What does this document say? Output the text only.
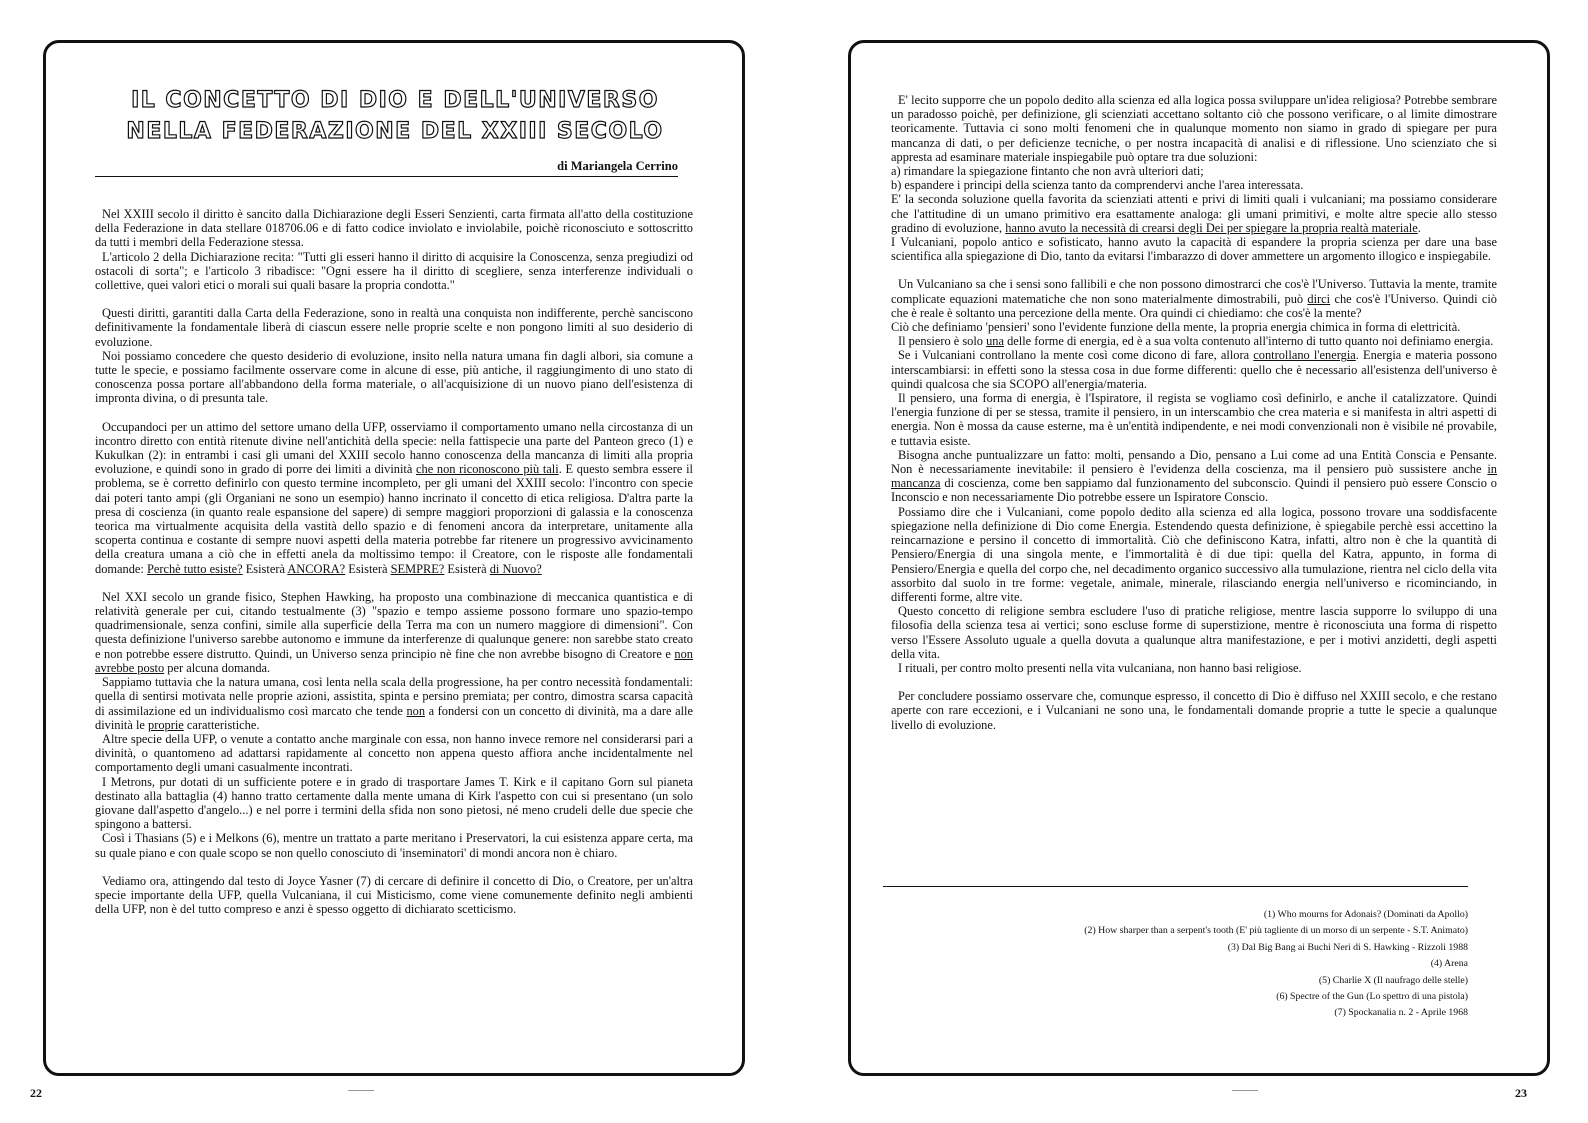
IL CONCETTO DI DIO E DELL'UNIVERSO
NELLA FEDERAZIONE DEL XXIII SECOLO
di Mariangela Cerrino

Nel XXIII secolo il diritto è sancito dalla Dichiarazione degli Esseri Senzienti, carta firmata all'atto della costituzione della Federazione in data stellare 018706.06 e di fatto codice inviolato e inviolabile, poichè riconosciuto e sottoscritto da tutti i membri della Federazione stessa.

L'articolo 2 della Dichiarazione recita: "Tutti gli esseri hanno il diritto di acquisire la Conoscenza, senza pregiudizi od ostacoli di sorta"; e l'articolo 3 ribadisce: "Ogni essere ha il diritto di scegliere, senza interferenze individuali o collettive, quei valori etici o morali sui quali basare la propria condotta."

Questi diritti, garantiti dalla Carta della Federazione, sono in realtà una conquista non indifferente, perchè sanciscono definitivamente la fondamentale liberà di ciascun essere nelle proprie scelte e non pongono limiti al suo desiderio di evoluzione.

Noi possiamo concedere che questo desiderio di evoluzione, insito nella natura umana fin dagli albori, sia comune a tutte le specie, e possiamo facilmente osservare come in alcune di esse, più antiche, il raggiungimento di uno stato di conoscenza possa portare all'abbandono della forma materiale, o all'acquisizione di un nuovo piano dell'esistenza di impronta divina, o di presunta tale.

Occupandoci per un attimo del settore umano della UFP, osserviamo il comportamento umano nella circostanza di un incontro diretto con entità ritenute divine nell'antichità della specie: nella fattispecie una parte del Panteon greco (1) e Kukulkan (2): in entrambi i casi gli umani del XXIII secolo hanno conoscenza della mancanza di limiti alla propria evoluzione, e quindi sono in grado di porre dei limiti a divinità che non riconoscono più tali. E questo sembra essere il problema, se è corretto definirlo con questo termine incompleto, per gli umani del XXIII secolo: l'incontro con specie dai poteri tanto ampi (gli Organiani ne sono un esempio) hanno incrinato il concetto di etica religiosa. D'altra parte la presa di coscienza (in quanto reale espansione del sapere) di sempre maggiori proporzioni di galassia e la conoscenza teorica ma virtualmente acquisita della vastità dello spazio e di fenomeni ancora da interpretare, unitamente alla scoperta continua e costante di sempre nuovi aspetti della materia potrebbe far ritenere un progressivo avvicinamento della creatura umana a ciò che in effetti anela da moltissimo tempo: il Creatore, con le risposte alle fondamentali domande: Perchè tutto esiste? Esisterà ANCORA? Esisterà SEMPRE? Esisterà di Nuovo?

Nel XXI secolo un grande fisico, Stephen Hawking, ha proposto una combinazione di meccanica quantistica e di relatività generale per cui, citando testualmente (3) "spazio e tempo assieme possono formare uno spazio-tempo quadrimensionale, senza confini, simile alla superficie della Terra ma con un numero maggiore di dimensioni". Con questa definizione l'universo sarebbe autonomo e immune da interferenze di qualunque genere: non sarebbe stato creato e non potrebbe essere distrutto. Quindi, un Universo senza principio nè fine che non avrebbe bisogno di Creatore e non avrebbe posto per alcuna domanda.

Sappiamo tuttavia che la natura umana, così lenta nella scala della progressione, ha per contro necessità fondamentali: quella di sentirsi motivata nelle proprie azioni, assistita, spinta e persino premiata; per contro, dimostra scarsa capacità di assimilazione ed un individualismo così marcato che tende non a fondersi con un concetto di divinità, ma a dare alle divinità le proprie caratteristiche.

Altre specie della UFP, o venute a contatto anche marginale con essa, non hanno invece remore nel considerarsi pari a divinità, o quantomeno ad adattarsi rapidamente al concetto non appena questo affiora anche incidentalmente nel comportamento degli umani casualmente incontrati.

I Metrons, pur dotati di un sufficiente potere e in grado di trasportare James T. Kirk e il capitano Gorn sul pianeta destinato alla battaglia (4) hanno tratto certamente dalla mente umana di Kirk l'aspetto con cui si presentano (un solo giovane dall'aspetto d'angelo...) e nel porre i termini della sfida non sono pietosi, né meno crudeli delle due specie che spingono a battersi.

Così i Thasians (5) e i Melkons (6), mentre un trattato a parte meritano i Preservatori, la cui esistenza appare certa, ma su quale piano e con quale scopo se non quello conosciuto di 'inseminatori' di mondi ancora non è chiaro.

Vediamo ora, attingendo dal testo di Joyce Yasner (7) di cercare di definire il concetto di Dio, o Creatore, per un'altra specie importante della UFP, quella Vulcaniana, il cui Misticismo, come viene comunemente definito negli ambienti della UFP, non è del tutto compreso e anzi è spesso oggetto di dichiarato scetticismo.

E' lecito supporre che un popolo dedito alla scienza ed alla logica possa sviluppare un'idea religiosa? Potrebbe sembrare un paradosso poichè, per definizione, gli scienziati accettano soltanto ciò che possono verificare, o al limite dimostrare teoricamente. Tuttavia ci sono molti fenomeni che in qualunque momento non siamo in grado di spiegare per pura mancanza di dati, o per deficienze tecniche, o per nostra incapacità di analisi e di riflessione. Uno scienziato che si appresta ad esaminare materiale inspiegabile può optare tra due soluzioni:

a) rimandare la spiegazione fintanto che non avrà ulteriori dati;

b) espandere i principi della scienza tanto da comprendervi anche l'area interessata.

E' la seconda soluzione quella favorita da scienziati attenti e privi di limiti quali i vulcaniani; ma possiamo considerare che l'attitudine di un umano primitivo era esattamente analoga: gli umani primitivi, e molte altre specie allo stesso gradino di evoluzione, hanno avuto la necessità di crearsi degli Dei per spiegare la propria realtà materiale.

I Vulcaniani, popolo antico e sofisticato, hanno avuto la capacità di espandere la propria scienza per dare una base scientifica alla spiegazione di Dio, tanto da evitarsi l'imbarazzo di dover ammettere un argomento illogico e inspiegabile.

Un Vulcaniano sa che i sensi sono fallibili e che non possono dimostrarci che cos'è l'Universo. Tuttavia la mente, tramite complicate equazioni matematiche che non sono materialmente dimostrabili, può dirci che cos'è l'Universo. Quindi ciò che è reale è soltanto una percezione della mente. Ora quindi ci chiediamo: che cos'è la mente?

Ciò che definiamo 'pensieri' sono l'evidente funzione della mente, la propria energia chimica in forma di elettricità.

Il pensiero è solo una delle forme di energia, ed è a sua volta contenuto all'interno di tutto quanto noi definiamo energia.

Se i Vulcaniani controllano la mente così come dicono di fare, allora controllano l'energia. Energia e materia possono interscambiarsi: in effetti sono la stessa cosa in due forme differenti: quello che è necessario all'esistenza dell'universo è quindi qualcosa che sia SCOPO all'energia/materia.

Il pensiero, una forma di energia, è l'Ispiratore, il regista se vogliamo così definirlo, e anche il catalizzatore. Quindi l'energia funzione di per se stessa, tramite il pensiero, in un interscambio che crea materia e si manifesta in altri aspetti di energia. Non è mossa da cause esterne, ma è un'entità indipendente, e nei modi convenzionali non è visibile né provabile, e tuttavia esiste.

Bisogna anche puntualizzare un fatto: molti, pensando a Dio, pensano a Lui come ad una Entità Conscia e Pensante. Non è necessariamente inevitabile: il pensiero è l'evidenza della coscienza, ma il pensiero può sussistere anche in mancanza di coscienza, come ben sappiamo dal funzionamento del subconscio. Quindi il pensiero può essere Conscio o Inconscio e non necessariamente Dio potrebbe essere un Ispiratore Conscio.

Possiamo dire che i Vulcaniani, come popolo dedito alla scienza ed alla logica, possono trovare una soddisfacente spiegazione nella definizione di Dio come Energia. Estendendo questa definizione, è spiegabile perchè essi accettino la reincarnazione e persino il concetto di immortalità. Ciò che definiscono Katra, infatti, altro non è che la quantità di Pensiero/Energia di una singola mente, e l'immortalità è di due tipi: quella del Katra, appunto, in forma di Pensiero/Energia e quella del corpo che, nel decadimento organico successivo alla tumulazione, rientra nel ciclo della vita assorbito dal suolo in tre forme: vegetale, animale, minerale, rilasciando energia nell'universo e ricominciando, in differenti forme, altre vite.

Questo concetto di religione sembra escludere l'uso di pratiche religiose, mentre lascia supporre lo sviluppo di una filosofia della scienza tesa ai vertici; sono escluse forme di superstizione, mentre è riconosciuta una forma di rispetto verso l'Essere Assoluto uguale a quella dovuta a qualunque altra manifestazione, e per i motivi anzidetti, degli aspetti della vita.

I rituali, per contro molto presenti nella vita vulcaniana, non hanno basi religiose.

Per concludere possiamo osservare che, comunque espresso, il concetto di Dio è diffuso nel XXIII secolo, e che restano aperte con rare eccezioni, e i Vulcaniani ne sono una, le fondamentali domande proprie a tutte le specie a qualunque livello di evoluzione.

(1) Who mourns for Adonais? (Dominati da Apollo)
(2) How sharper than a serpent's tooth (E' più tagliente di un morso di un serpente - S.T. Animato)
(3) Dal Big Bang ai Buchi Neri di S. Hawking - Rizzoli 1988
(4) Arena
(5) Charlie X (Il naufrago delle stelle)
(6) Spectre of the Gun (Lo spettro di una pistola)
(7) Spockanalia n. 2 - Aprile 1968
22	23
